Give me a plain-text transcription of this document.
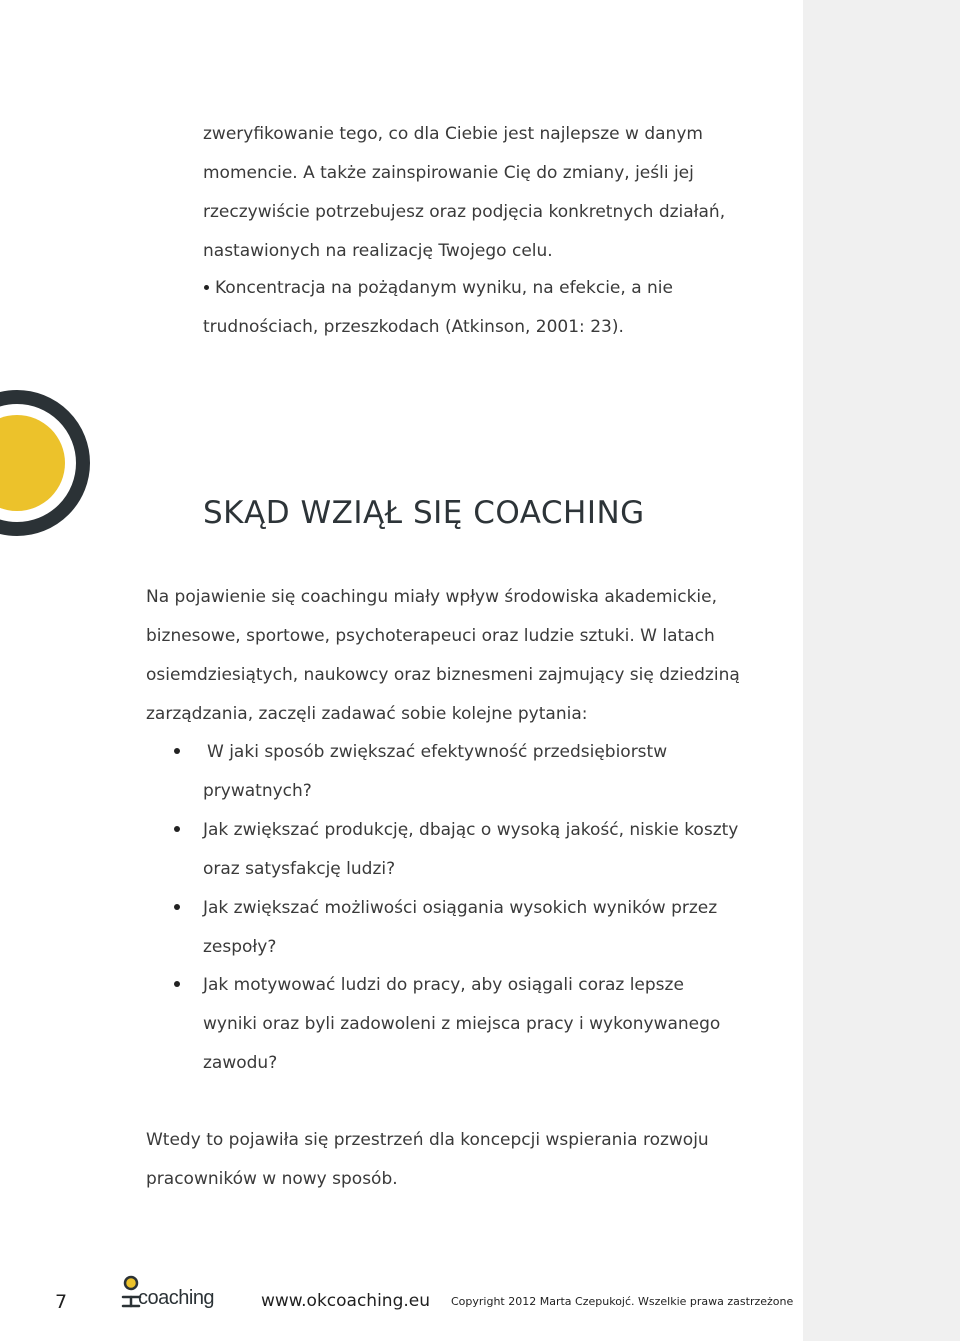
zweryfikowanie tego, co dla Ciebie jest najlepsze w danym
momencie. A także zainspirowanie Cię do zmiany, jeśli jej
rzeczywiście potrzebujesz oraz podjęcia konkretnych działań,
nastawionych na realizację Twojego celu.
Koncentracja na pożądanym wyniku, na efekcie, a nie
trudnościach, przeszkodach (Atkinson, 2001: 23).
SKĄD WZIĄŁ SIĘ COACHING
Na pojawienie się coachingu miały wpływ środowiska akademickie,
biznesowe, sportowe, psychoterapeuci oraz ludzie sztuki. W latach
osiemdziesiątych, naukowcy oraz biznesmeni zajmujący się dziedziną
zarządzania, zaczęli zadawać sobie kolejne pytania:
W jaki sposób zwiększać efektywność przedsiębiorstw
prywatnych?
Jak zwiększać produkcję, dbając o wysoką jakość, niskie koszty
oraz satysfakcję ludzi?
Jak zwiększać możliwości osiągania wysokich wyników przez
zespoły?
Jak motywować ludzi do pracy, aby osiągali coraz lepsze
wyniki oraz byli zadowoleni z miejsca pracy i wykonywanego
zawodu?
Wtedy to pojawiła się przestrzeń dla koncepcji wspierania rozwoju
pracowników w nowy sposób.
7	coaching	www.okcoaching.eu Copyright 2012 Marta Czepukojć. Wszelkie prawa zastrzeżone
